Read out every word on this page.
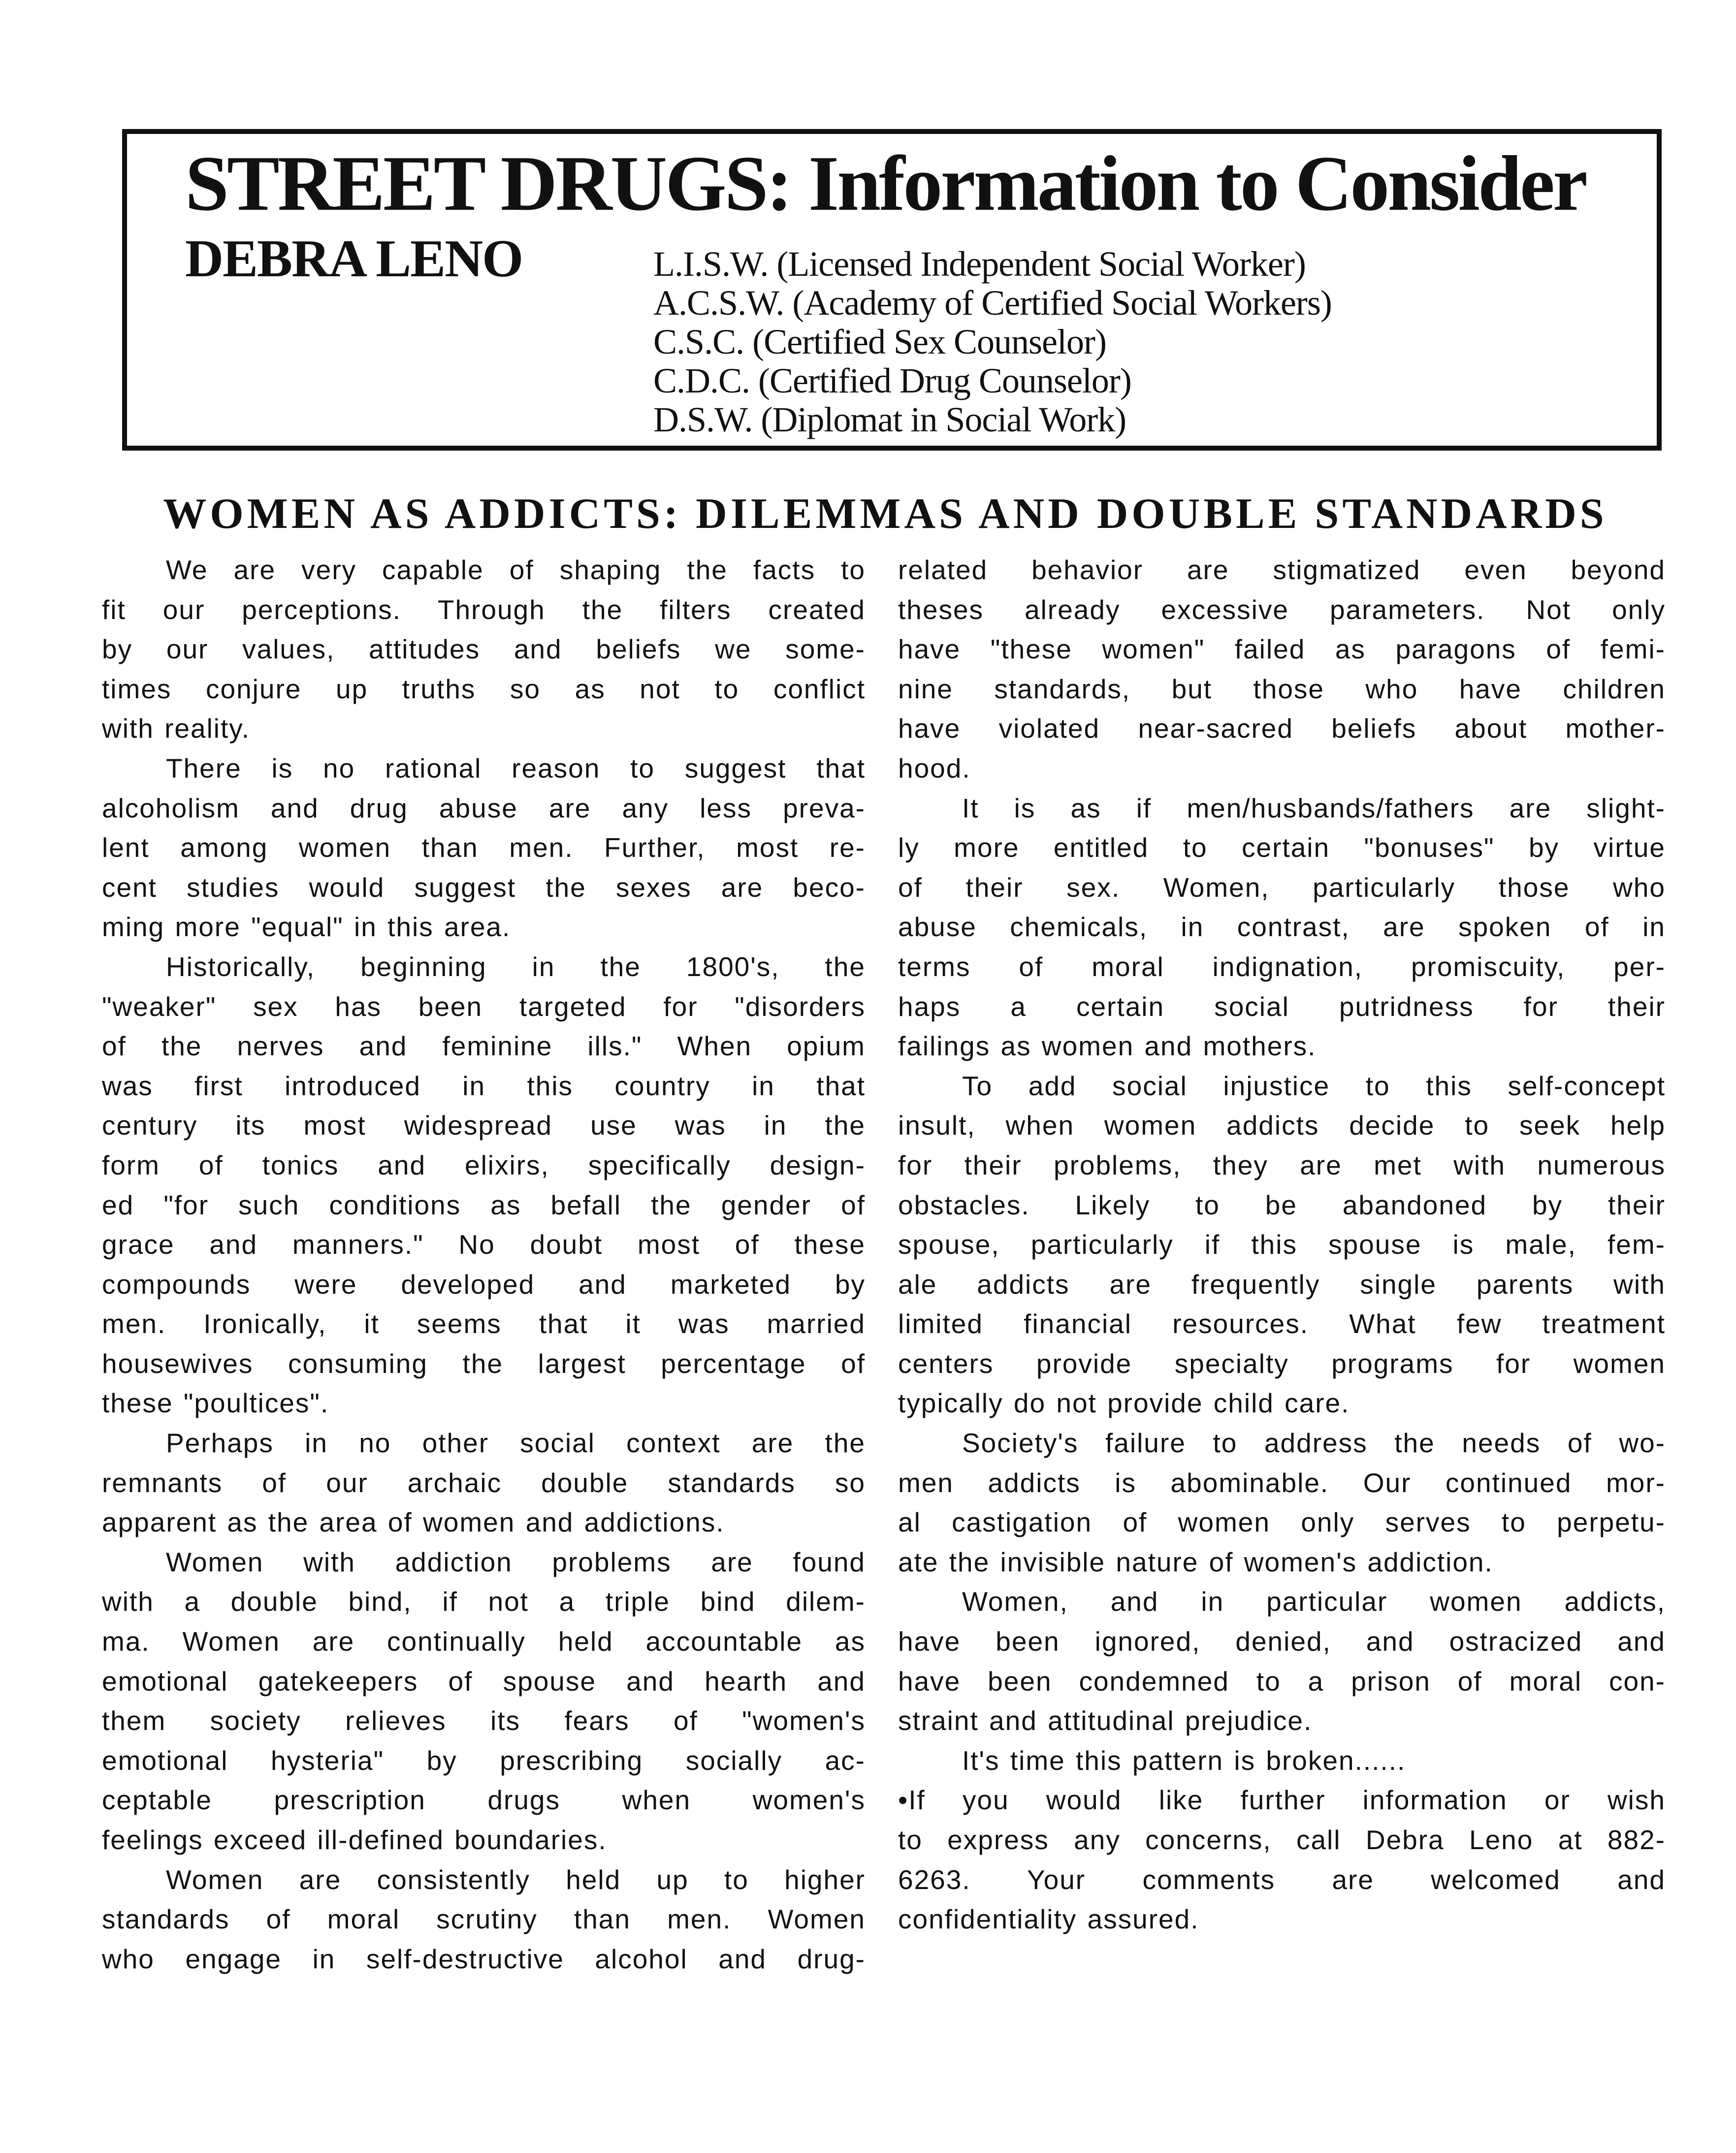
STREET DRUGS: Information to Consider
DEBRA LENO	L.I.S.W. (Licensed Independent Social Worker)
A.C.S.W. (Academy of Certified Social Workers)
C.S.C. (Certified Sex Counselor)
C.D.C. (Certified Drug Counselor)
D.S.W. (Diplomat in Social Work)
WOMEN AS ADDICTS: DILEMMAS AND DOUBLE STANDARDS
We are very capable of shaping the facts to
fit our perceptions. Through the filters created
by our values, attitudes and beliefs we some-
times conjure up truths so as not to conflict
with reality.
There is no rational reason to suggest that
alcoholism and drug abuse are any less preva-
lent among women than men. Further, most re-
cent studies would suggest the sexes are beco-
ming more "equal" in this area.
Historically, beginning in the 1800's, the
"weaker" sex has been targeted for "disorders
of the nerves and feminine ills." When opium
was first introduced in this country in that
century its most widespread use was in the
form of tonics and elixirs, specifically design-
ed "for such conditions as befall the gender of
grace and manners." No doubt most of these
compounds were developed and marketed by
men. Ironically, it seems that it was married
housewives consuming the largest percentage of
these "poultices".
Perhaps in no other social context are the
remnants of our archaic double standards so
apparent as the area of women and addictions.
Women with addiction problems are found
with a double bind, if not a triple bind dilem-
ma. Women are continually held accountable as
emotional gatekeepers of spouse and hearth and
them society relieves its fears of "women's
emotional hysteria" by prescribing socially ac-
ceptable prescription drugs when women's
feelings exceed ill-defined boundaries.
Women are consistently held up to higher
standards of moral scrutiny than men. Women
who engage in self-destructive alcohol and drug-
related behavior are stigmatized even beyond
theses already excessive parameters. Not only
have "these women" failed as paragons of femi-
nine standards, but those who have children
have violated near-sacred beliefs about mother-
hood.
It is as if men/husbands/fathers are slight-
ly more entitled to certain "bonuses" by virtue
of their sex. Women, particularly those who
abuse chemicals, in contrast, are spoken of in
terms of moral indignation, promiscuity, per-
haps a certain social putridness for their
failings as women and mothers.
To add social injustice to this self-concept
insult, when women addicts decide to seek help
for their problems, they are met with numerous
obstacles. Likely to be abandoned by their
spouse, particularly if this spouse is male, fem-
ale addicts are frequently single parents with
limited financial resources. What few treatment
centers provide specialty programs for women
typically do not provide child care.
Society's failure to address the needs of wo-
men addicts is abominable. Our continued mor-
al castigation of women only serves to perpetu-
ate the invisible nature of women's addiction.
Women, and in particular women addicts,
have been ignored, denied, and ostracized and
have been condemned to a prison of moral con-
straint and attitudinal prejudice.
It's time this pattern is broken......
•If you would like further information or wish
to express any concerns, call Debra Leno at 882-
6263. Your comments are welcomed and
confidentiality assured.
